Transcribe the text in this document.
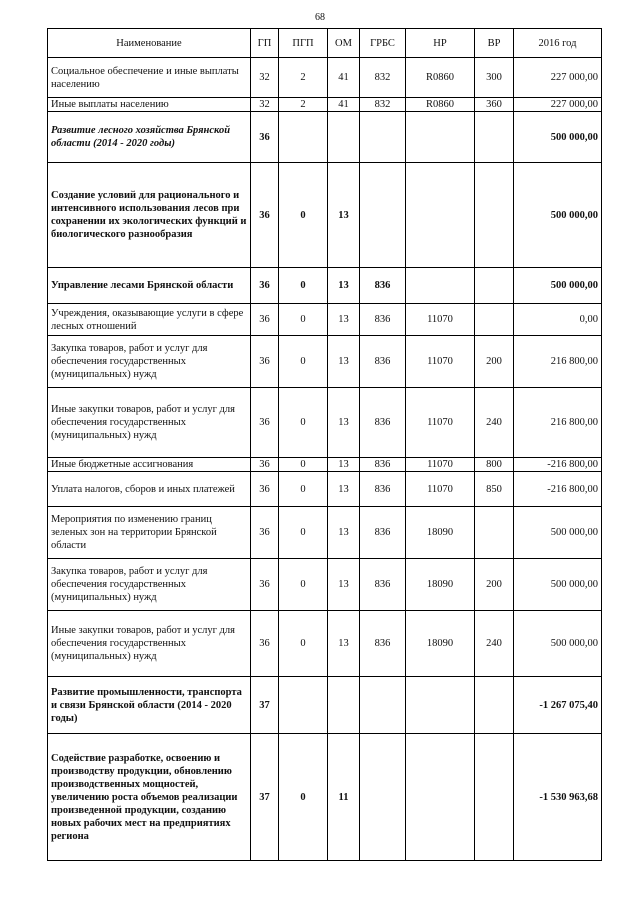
68
Наименование	ГП	ПГП	ОМ	ГРБС	НР	ВР	2016 год
Социальное обеспечение и иные выплаты населению	32	2	41	832	R0860	300	227 000,00
Иные выплаты населению	32	2	41	832	R0860	360	227 000,00
Развитие лесного хозяйства Брянской области (2014 - 2020 годы)	36						500 000,00
Создание условий для рационального и интенсивного использования лесов при сохранении их экологических функций и биологического разнообразия	36	0	13				500 000,00
Управление лесами Брянской области	36	0	13	836			500 000,00
Учреждения, оказывающие услуги в сфере лесных отношений	36	0	13	836	11070		0,00
Закупка товаров, работ и услуг для обеспечения государственных (муниципальных) нужд	36	0	13	836	11070	200	216 800,00
Иные закупки товаров, работ и услуг для обеспечения государственных (муниципальных) нужд	36	0	13	836	11070	240	216 800,00
Иные бюджетные ассигнования	36	0	13	836	11070	800	-216 800,00
Уплата налогов, сборов и иных платежей	36	0	13	836	11070	850	-216 800,00
Мероприятия по изменению границ зеленых зон на территории Брянской области	36	0	13	836	18090		500 000,00
Закупка товаров, работ и услуг для обеспечения государственных (муниципальных) нужд	36	0	13	836	18090	200	500 000,00
Иные закупки товаров, работ и услуг для обеспечения государственных (муниципальных) нужд	36	0	13	836	18090	240	500 000,00
Развитие промышленности, транспорта и связи Брянской области (2014 - 2020 годы)	37						-1 267 075,40
Содействие разработке, освоению и производству продукции, обновлению производственных мощностей, увеличению роста объемов реализации произведенной продукции, созданию новых рабочих мест на предприятиях региона	37	0	11				-1 530 963,68
